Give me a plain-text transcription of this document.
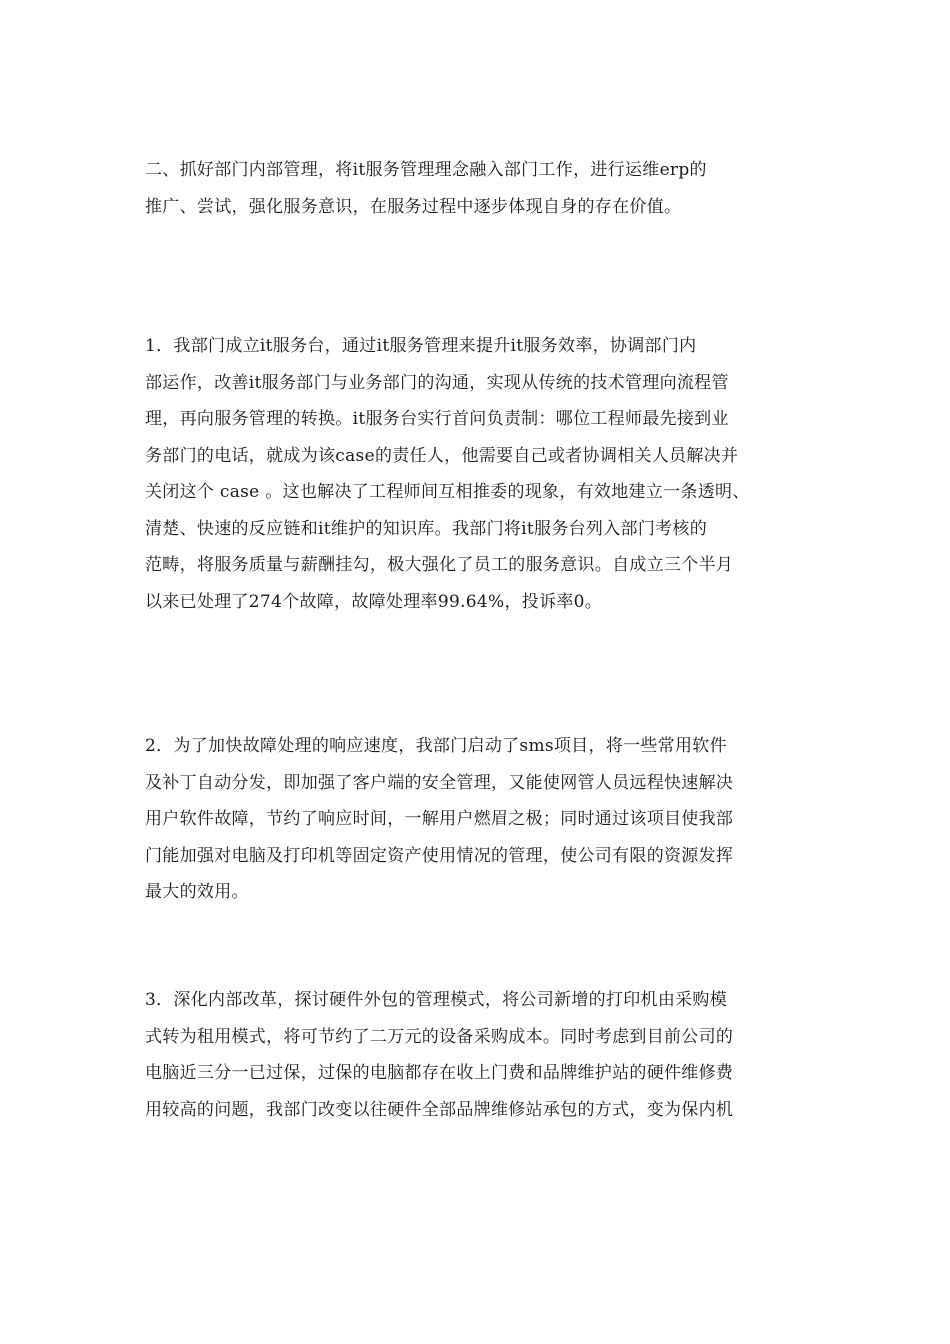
二、抓好部门内部管理，将it服务管理理念融入部门工作，进行运维erp的
推广、尝试，强化服务意识，在服务过程中逐步体现自身的存在价值。
1．我部门成立it服务台，通过it服务管理来提升it服务效率，协调部门内
部运作，改善it服务部门与业务部门的沟通，实现从传统的技术管理向流程管
理，再向服务管理的转换。it服务台实行首问负责制：哪位工程师最先接到业
务部门的电话，就成为该case的责任人，他需要自己或者协调相关人员解决并
关闭这个 case 。这也解决了工程师间互相推委的现象，有效地建立一条透明、
清楚、快速的反应链和it维护的知识库。我部门将it服务台列入部门考核的
范畴，将服务质量与薪酬挂勾，极大强化了员工的服务意识。自成立三个半月
以来已处理了274个故障，故障处理率99.64%，投诉率0。
2．为了加快故障处理的响应速度，我部门启动了sms项目，将一些常用软件
及补丁自动分发，即加强了客户端的安全管理，又能使网管人员远程快速解决
用户软件故障，节约了响应时间，一解用户燃眉之极；同时通过该项目使我部
门能加强对电脑及打印机等固定资产使用情况的管理，使公司有限的资源发挥
最大的效用。
3．深化内部改革，探讨硬件外包的管理模式，将公司新增的打印机由采购模
式转为租用模式，将可节约了二万元的设备采购成本。同时考虑到目前公司的
电脑近三分一已过保，过保的电脑都存在收上门费和品牌维护站的硬件维修费
用较高的问题，我部门改变以往硬件全部品牌维修站承包的方式，变为保内机
